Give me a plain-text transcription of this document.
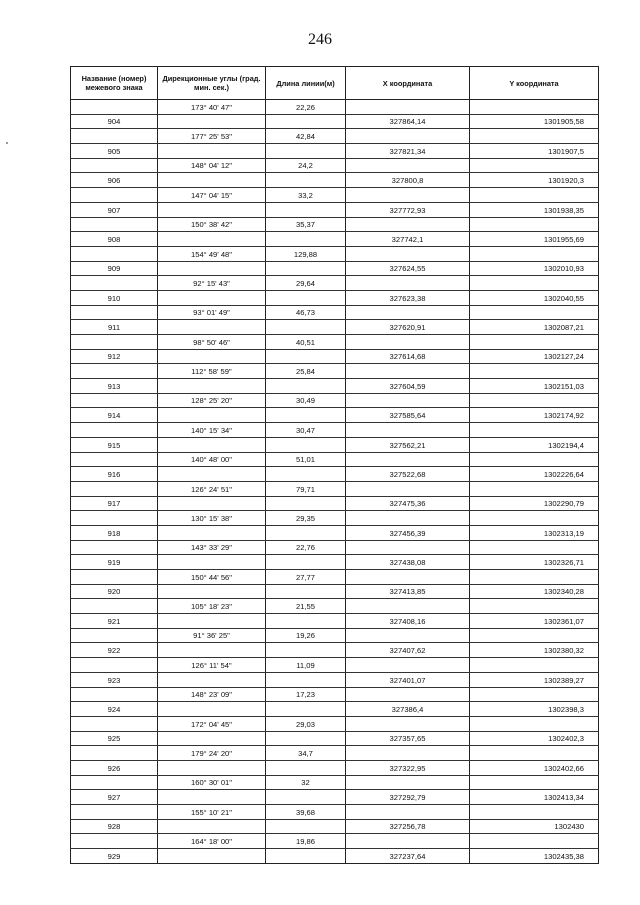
246
Название (номер) межевого знака	Дирекционные углы (град. мин. сек.)	Длина линии(м)	X координата	Y координата
	173° 40' 47"	22,26		
904			327864,14	1301905,58
	177° 25' 53"	42,84		
905			327821,34	1301907,5
	148° 04' 12"	24,2		
906			327800,8	1301920,3
	147° 04' 15"	33,2		
907			327772,93	1301938,35
	150° 38' 42"	35,37		
908			327742,1	1301955,69
	154° 49' 48"	129,88		
909			327624,55	1302010,93
	92° 15' 43"	29,64		
910			327623,38	1302040,55
	93° 01' 49"	46,73		
911			327620,91	1302087,21
	98° 50' 46"	40,51		
912			327614,68	1302127,24
	112° 58' 59"	25,84		
913			327604,59	1302151,03
	128° 25' 20"	30,49		
914			327585,64	1302174,92
	140° 15' 34"	30,47		
915			327562,21	1302194,4
	140° 48' 00"	51,01		
916			327522,68	1302226,64
	126° 24' 51"	79,71		
917			327475,36	1302290,79
	130° 15' 38"	29,35		
918			327456,39	1302313,19
	143° 33' 29"	22,76		
919			327438,08	1302326,71
	150° 44' 56"	27,77		
920			327413,85	1302340,28
	105° 18' 23"	21,55		
921			327408,16	1302361,07
	91° 36' 25"	19,26		
922			327407,62	1302380,32
	126° 11' 54"	11,09		
923			327401,07	1302389,27
	148° 23' 09"	17,23		
924			327386,4	1302398,3
	172° 04' 45"	29,03		
925			327357,65	1302402,3
	179° 24' 20"	34,7		
926			327322,95	1302402,66
	160° 30' 01"	32		
927			327292,79	1302413,34
	155° 10' 21"	39,68		
928			327256,78	1302430
	164° 18' 00"	19,86		
929			327237,64	1302435,38
